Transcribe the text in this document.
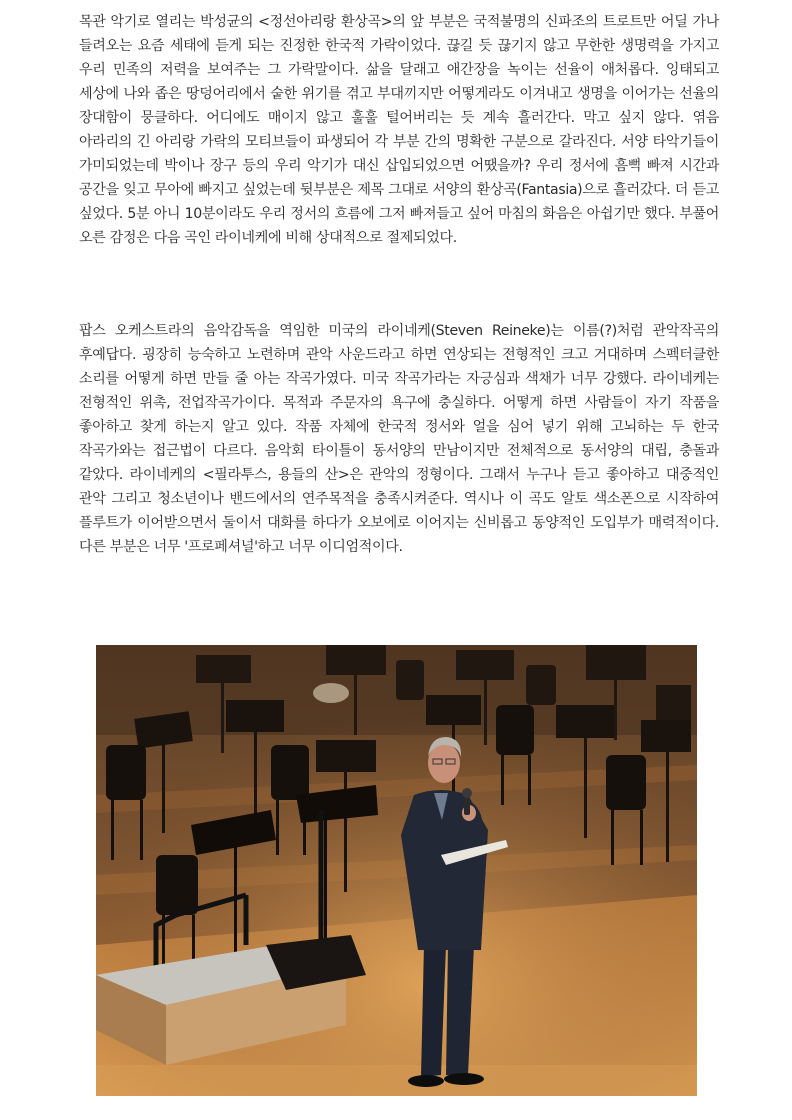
목관 악기로 열리는 박성균의 <정선아리랑 환상곡>의 앞 부분은 국적불명의 신파조의 트로트만 어딜 가나 들려오는 요즘 세태에 듣게 되는 진정한 한국적 가락이었다. 끊길 듯 끊기지 않고 무한한 생명력을 가지고 우리 민족의 저력을 보여주는 그 가락말이다. 삶을 달래고 애간장을 녹이는 선율이 애처롭다. 잉태되고 세상에 나와 좁은 땅덩어리에서 숱한 위기를 겪고 부대끼지만 어떻게라도 이겨내고 생명을 이어가는 선율의 장대함이 뭉클하다. 어디에도 매이지 않고 훌훌 털어버리는 듯 계속 흘러간다. 막고 싶지 않다. 엮음 아라리의 긴 아리랑 가락의 모티브들이 파생되어 각 부분 간의 명확한 구분으로 갈라진다. 서양 타악기들이 가미되었는데 박이나 장구 등의 우리 악기가 대신 삽입되었으면 어땠을까? 우리 정서에 흠뻑 빠져 시간과 공간을 잊고 무아에 빠지고 싶었는데 뒷부분은 제목 그대로 서양의 환상곡(Fantasia)으로 흘러갔다. 더 듣고 싶었다. 5분 아니 10분이라도 우리 정서의 흐름에 그저 빠져들고 싶어 마침의 화음은 아쉽기만 했다. 부풀어 오른 감정은 다음 곡인 라이네케에 비해 상대적으로 절제되었다.

팝스 오케스트라의 음악감독을 역임한 미국의 라이네케(Steven Reineke)는 이름(?)처럼 관악작곡의 후예답다. 굉장히 능숙하고 노련하며 관악 사운드라고 하면 연상되는 전형적인 크고 거대하며 스펙터클한 소리를 어떻게 하면 만들 줄 아는 작곡가였다. 미국 작곡가라는 자긍심과 색채가 너무 강했다. 라이네케는 전형적인 위촉, 전업작곡가이다. 목적과 주문자의 욕구에 충실하다. 어떻게 하면 사람들이 자기 작품을 좋아하고 찾게 하는지 알고 있다. 작품 자체에 한국적 정서와 얼을 심어 넣기 위해 고뇌하는 두 한국 작곡가와는 접근법이 다르다. 음악회 타이틀이 동서양의 만남이지만 전체적으로 동서양의 대립, 충돌과 같았다. 라이네케의 <필라투스, 용들의 산>은 관악의 정형이다. 그래서 누구나 듣고 좋아하고 대중적인 관악 그리고 청소년이나 밴드에서의 연주목적을 충족시켜준다. 역시나 이 곡도 알토 색소폰으로 시작하여 플루트가 이어받으면서 둘이서 대화를 하다가 오보에로 이어지는 신비롭고 동양적인 도입부가 매력적이다. 다른 부분은 너무 '프로페셔널'하고 너무 이디엄적이다.
